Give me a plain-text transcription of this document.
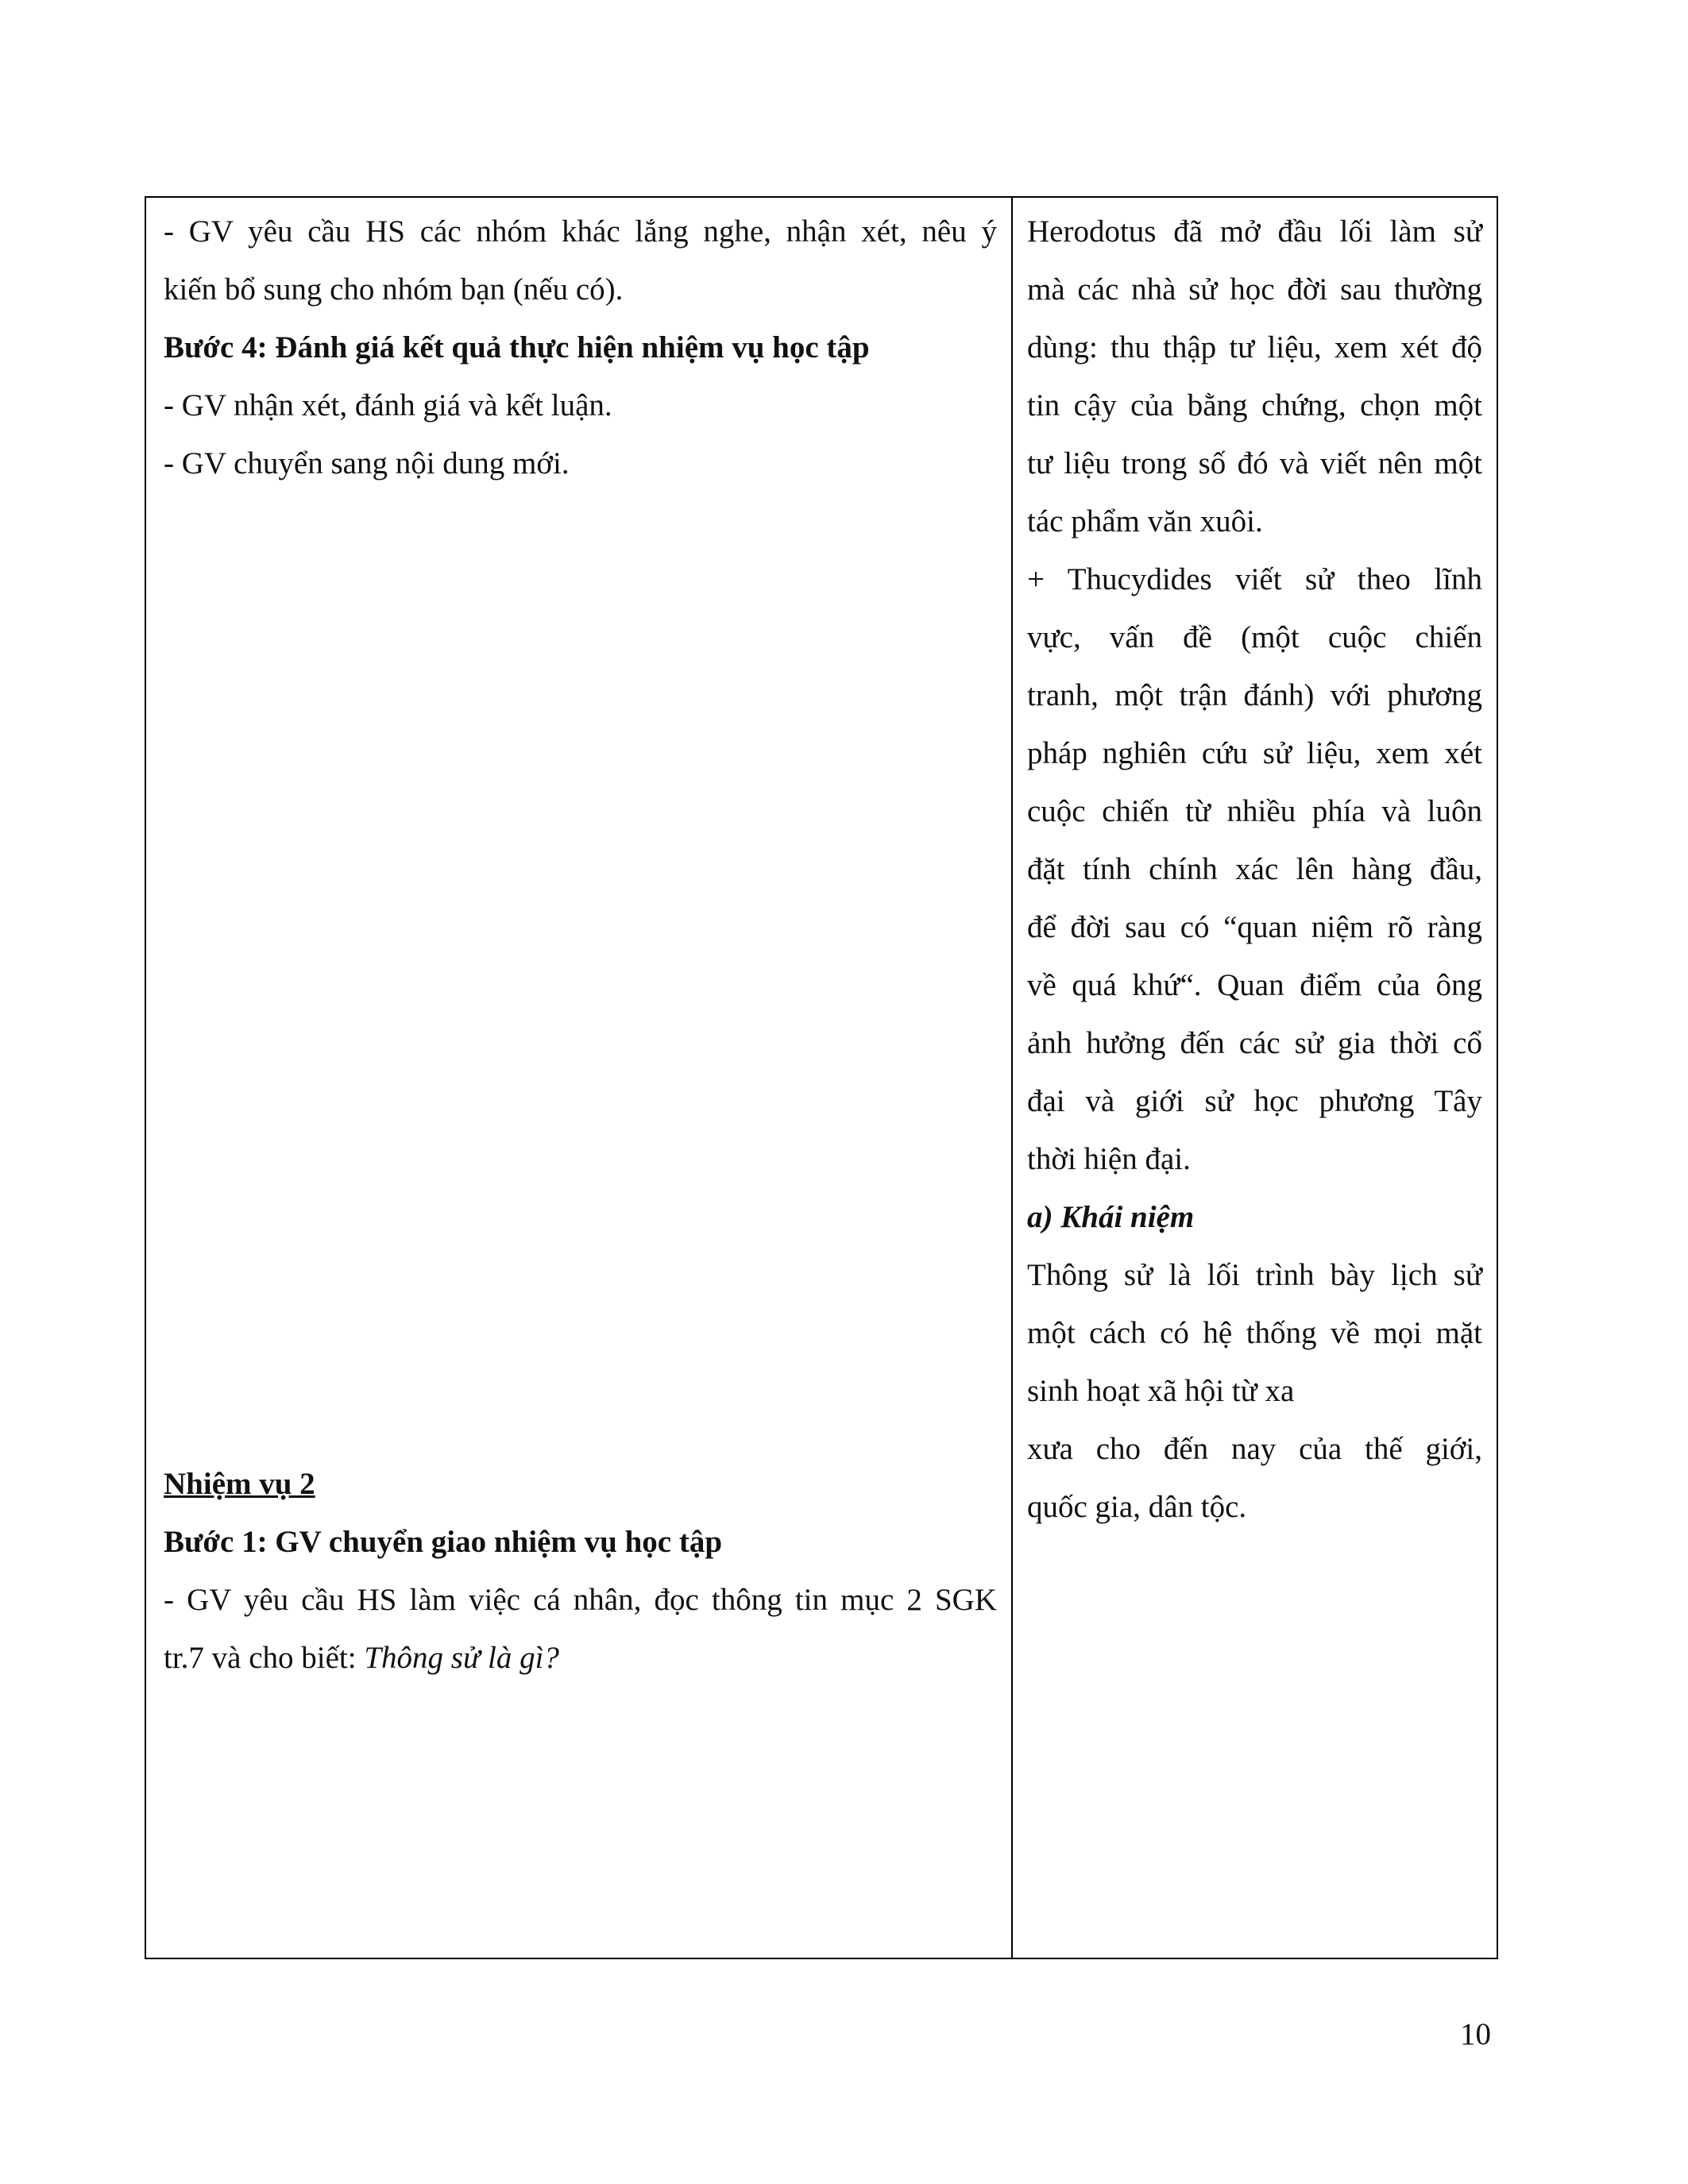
- GV yêu cầu HS các nhóm khác lắng nghe, nhận xét, nêu ý

kiến bổ sung cho nhóm bạn (nếu có).

Bước 4: Đánh giá kết quả thực hiện nhiệm vụ học tập

- GV nhận xét, đánh giá và kết luận.

- GV chuyển sang nội dung mới.

Nhiệm vụ 2

Bước 1: GV chuyển giao nhiệm vụ học tập

- GV yêu cầu HS làm việc cá nhân, đọc thông tin mục 2 SGK

tr.7 và cho biết: Thông sử là gì?

Herodotus đã mở đầu lối làm sử

mà các nhà sử học đời sau thường

dùng: thu thập tư liệu, xem xét độ

tin cậy của bằng chứng, chọn một

tư liệu trong số đó và viết nên một

tác phẩm văn xuôi.

+ Thucydides viết sử theo lĩnh

vực, vấn đề (một cuộc chiến

tranh, một trận đánh) với phương

pháp nghiên cứu sử liệu, xem xét

cuộc chiến từ nhiều phía và luôn

đặt tính chính xác lên hàng đầu,

để đời sau có “quan niệm rõ ràng

về quá khứ“. Quan điểm của ông

ảnh hưởng đến các sử gia thời cổ

đại và giới sử học phương Tây

thời hiện đại.

a) Khái niệm

Thông sử là lối trình bày lịch sử

một cách có hệ thống về mọi mặt

sinh hoạt xã hội từ xa

xưa cho đến nay của thế giới,

quốc gia, dân tộc.

10
